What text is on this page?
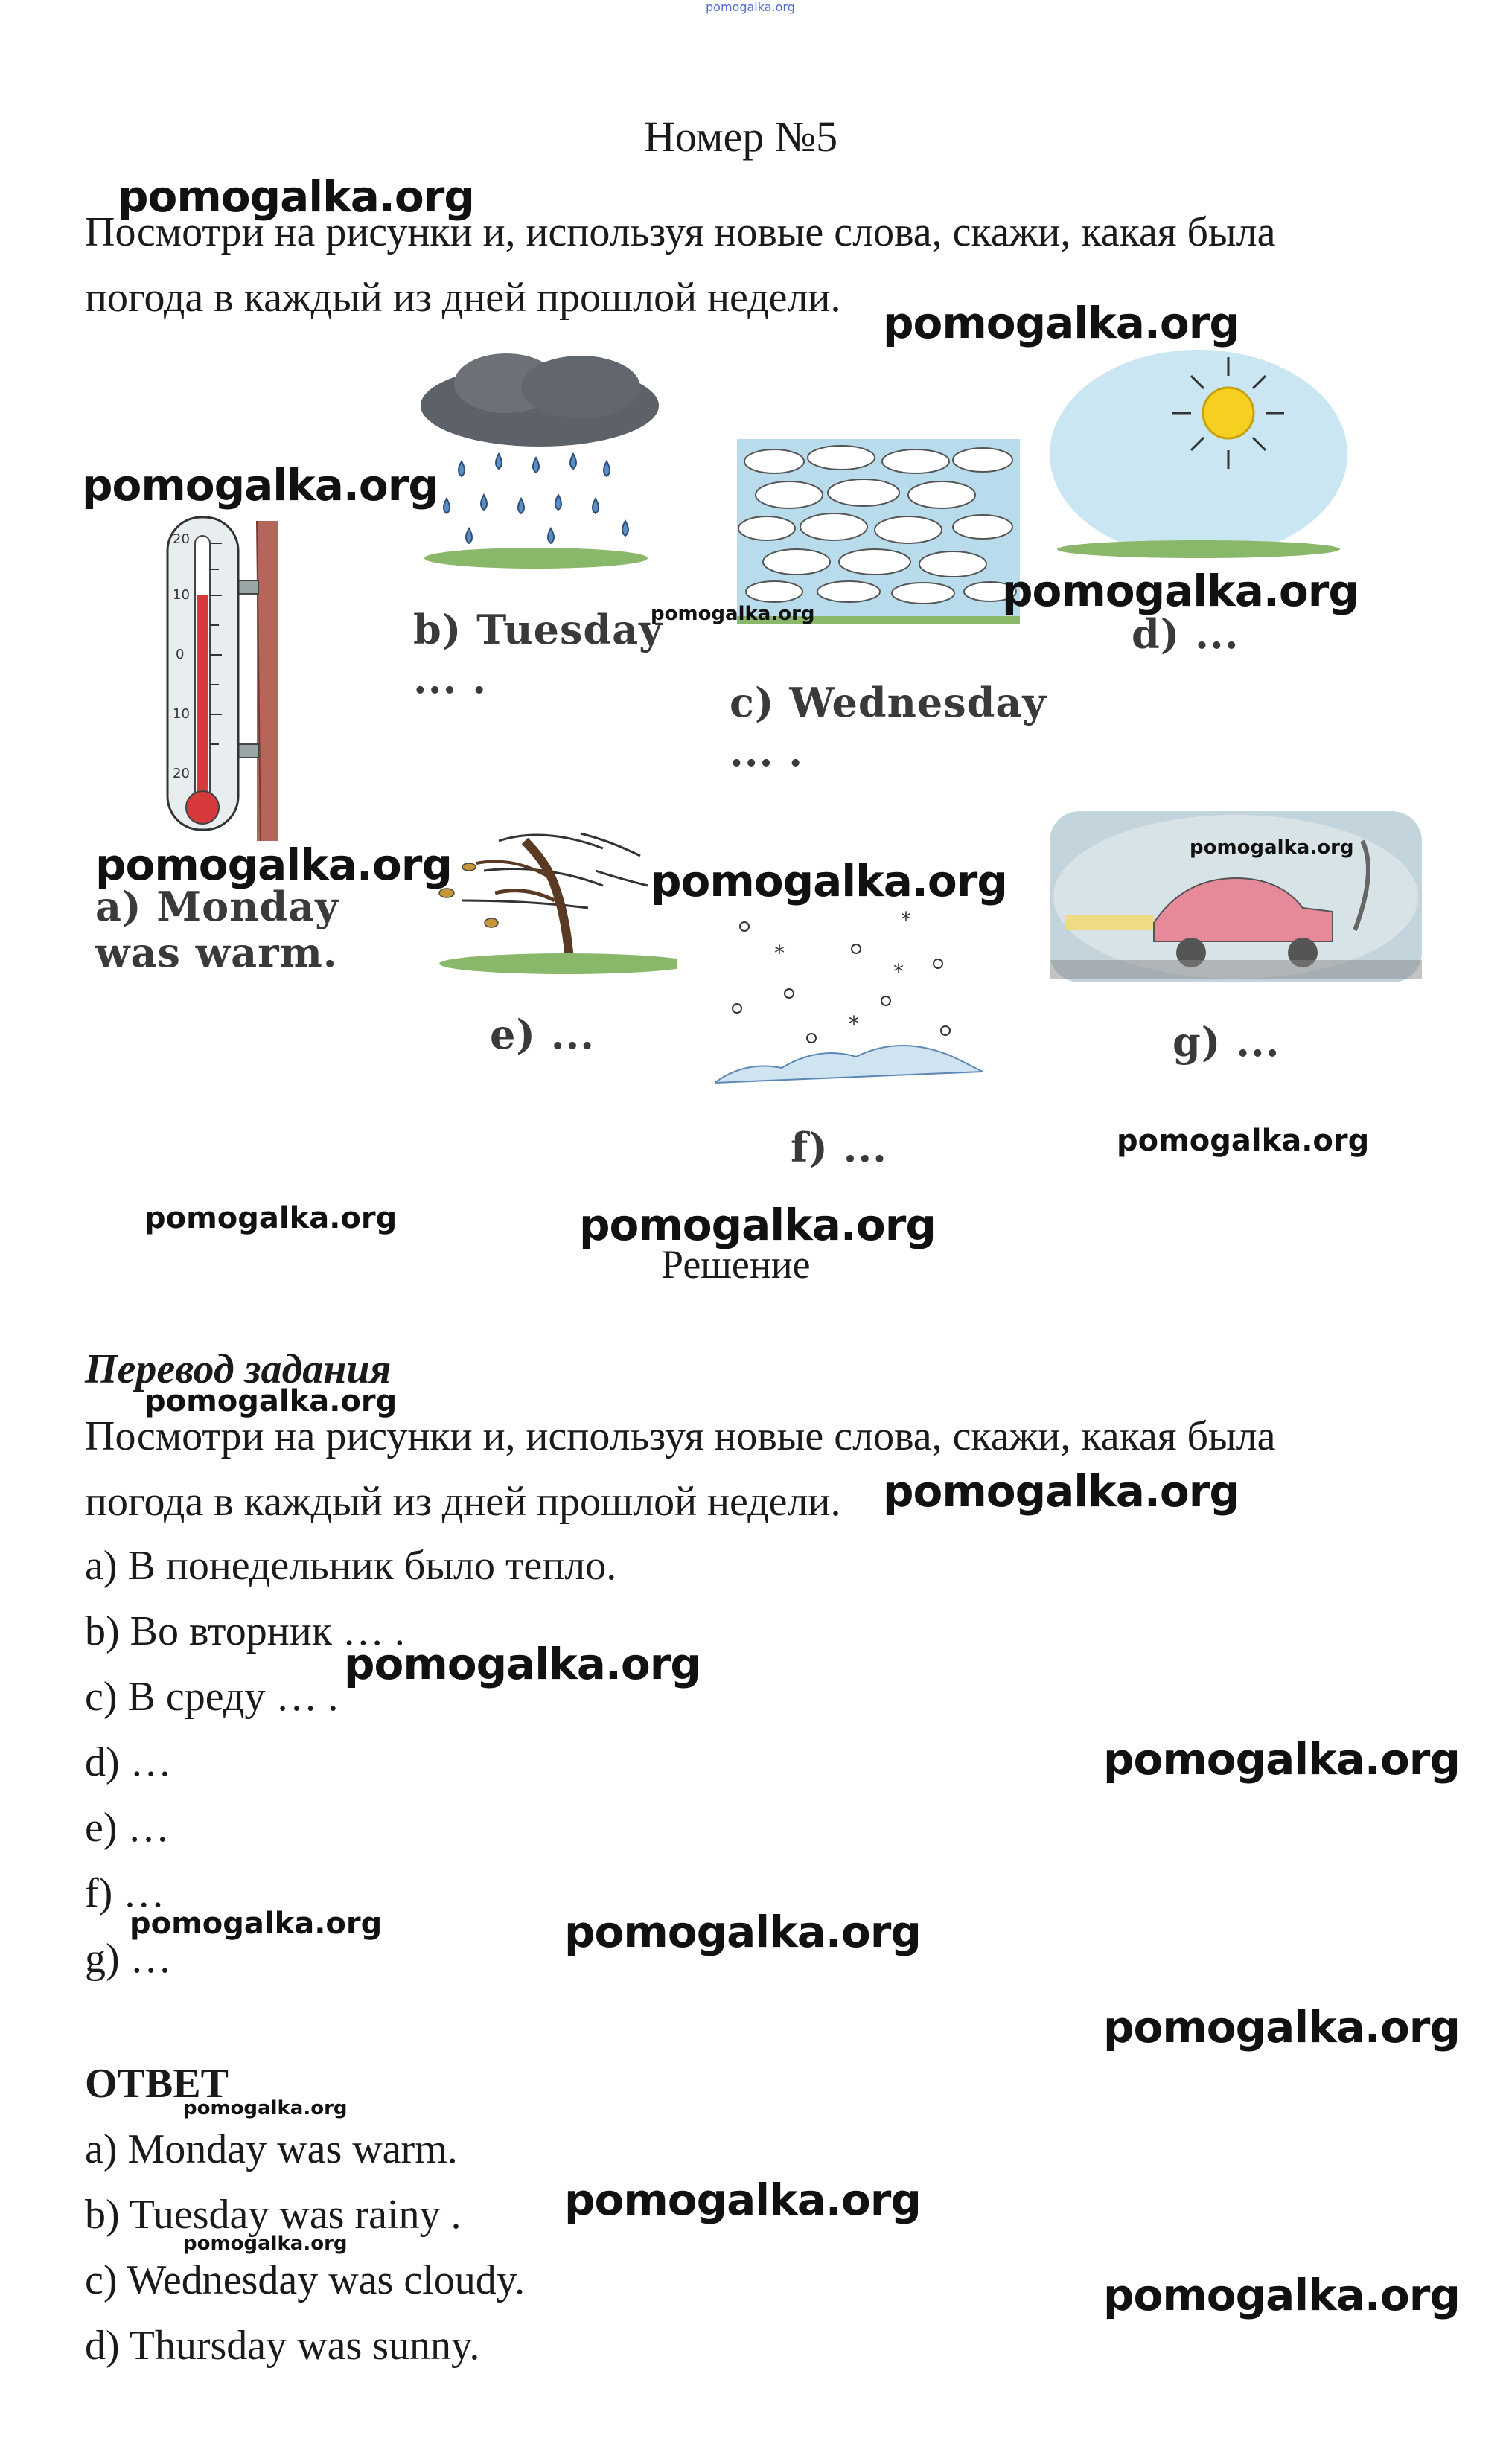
pomogalka.org
Номер №5
Посмотри на рисунки и, используя новые слова, скажи, какая была
погода в каждый из дней прошлой недели.
20
10
0
10
20
a) Monday
was warm.
b) Tuesday
... .	c) Wednesday
... .
d) ...
e) ...
*
*
*
*
f) ...
g) ...
Решение
Перевод задания
Посмотри на рисунки и, используя новые слова, скажи, какая была
погода в каждый из дней прошлой недели.
a) В понедельник было тепло.
b) Во вторник … .
c) В среду … .
d) …
e) …
f) …
g) …
ОТВЕТ
a) Monday was warm.
b) Tuesday was rainy .
c) Wednesday was cloudy.
d) Thursday was sunny.
pomogalka.org
pomogalka.org
pomogalka.org
pomogalka.org
pomogalka.org
pomogalka.org	pomogalka.org
pomogalka.org
pomogalka.org
pomogalka.org	pomogalka.org
pomogalka.org
pomogalka.org
pomogalka.org
pomogalka.org
pomogalka.org	pomogalka.org
pomogalka.org
pomogalka.org
pomogalka.org
pomogalka.org
pomogalka.org
